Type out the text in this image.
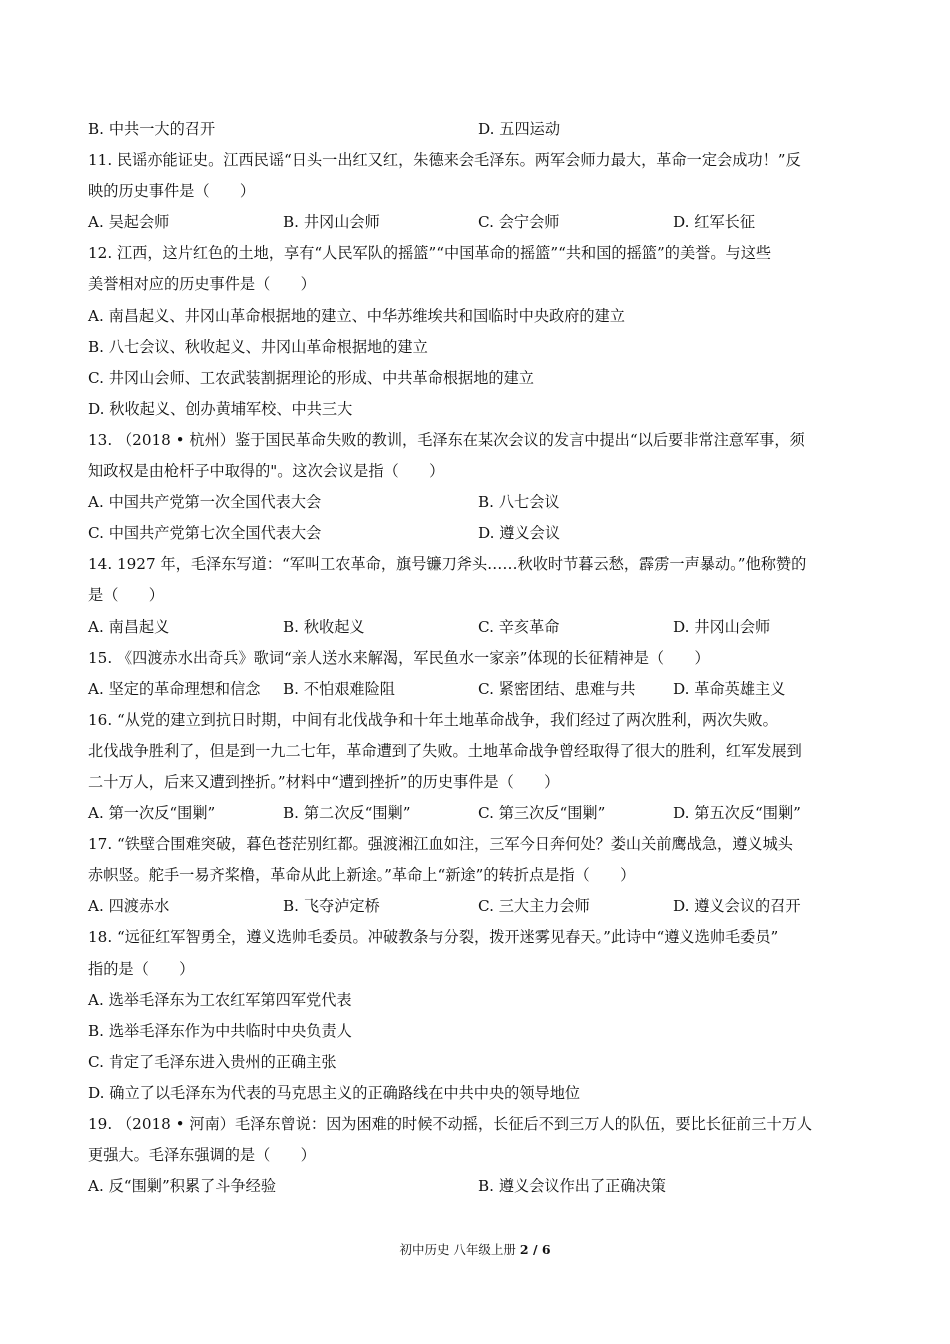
B. 中共一大的召开	D. 五四运动
11. 民谣亦能证史。江西民谣“日头一出红又红，朱德来会毛泽东。两军会师力最大，革命一定会成功！”反
映的历史事件是（　　）
A. 吴起会师	B. 井冈山会师	C. 会宁会师	D. 红军长征
12. 江西，这片红色的土地，享有“人民军队的摇篮”“中国革命的摇篮”“共和国的摇篮”的美誉。与这些
美誉相对应的历史事件是（　　）
A. 南昌起义、井冈山革命根据地的建立、中华苏维埃共和国临时中央政府的建立
B. 八七会议、秋收起义、井冈山革命根据地的建立
C. 井冈山会师、工农武装割据理论的形成、中共革命根据地的建立
D. 秋收起义、创办黄埔军校、中共三大
13. （2018 • 杭州）鉴于国民革命失败的教训，毛泽东在某次会议的发言中提出“以后要非常注意军事，须
知政权是由枪杆子中取得的"。这次会议是指（　　）
A. 中国共产党第一次全国代表大会	B. 八七会议
C. 中国共产党第七次全国代表大会	D. 遵义会议
14. 1927 年，毛泽东写道：“军叫工农革命，旗号镰刀斧头……秋收时节暮云愁，霹雳一声暴动。”他称赞的
是（　　）
A. 南昌起义	B. 秋收起义	C. 辛亥革命	D. 井冈山会师
15. 《四渡赤水出奇兵》歌词“亲人送水来解渴，军民鱼水一家亲”体现的长征精神是（　　）
A. 坚定的革命理想和信念	B. 不怕艰难险阻	C. 紧密团结、患难与共	D. 革命英雄主义
16. “从党的建立到抗日时期，中间有北伐战争和十年土地革命战争，我们经过了两次胜利，两次失败。
北伐战争胜利了，但是到一九二七年，革命遭到了失败。土地革命战争曾经取得了很大的胜利，红军发展到
二十万人，后来又遭到挫折。”材料中“遭到挫折”的历史事件是（　　）
A. 第一次反“围剿”	B. 第二次反“围剿”	C. 第三次反“围剿”	D. 第五次反“围剿”
17. “铁壁合围难突破，暮色苍茫别红都。强渡湘江血如注，三军今日奔何处？娄山关前鹰战急，遵义城头
赤帜竖。舵手一易齐桨橹，革命从此上新途。”革命上“新途”的转折点是指（　　）
A. 四渡赤水	B. 飞夺泸定桥	C. 三大主力会师	D. 遵义会议的召开
18. “远征红军智勇全，遵义选帅毛委员。冲破教条与分裂，拨开迷雾见春天。”此诗中“遵义选帅毛委员”
指的是（　　）
A. 选举毛泽东为工农红军第四军党代表
B. 选举毛泽东作为中共临时中央负责人
C. 肯定了毛泽东进入贵州的正确主张
D. 确立了以毛泽东为代表的马克思主义的正确路线在中共中央的领导地位
19. （2018 • 河南）毛泽东曾说：因为困难的时候不动摇，长征后不到三万人的队伍，要比长征前三十万人
更强大。毛泽东强调的是（　　）
A. 反“围剿”积累了斗争经验	B. 遵义会议作出了正确决策
初中历史 八年级上册 2 / 6
